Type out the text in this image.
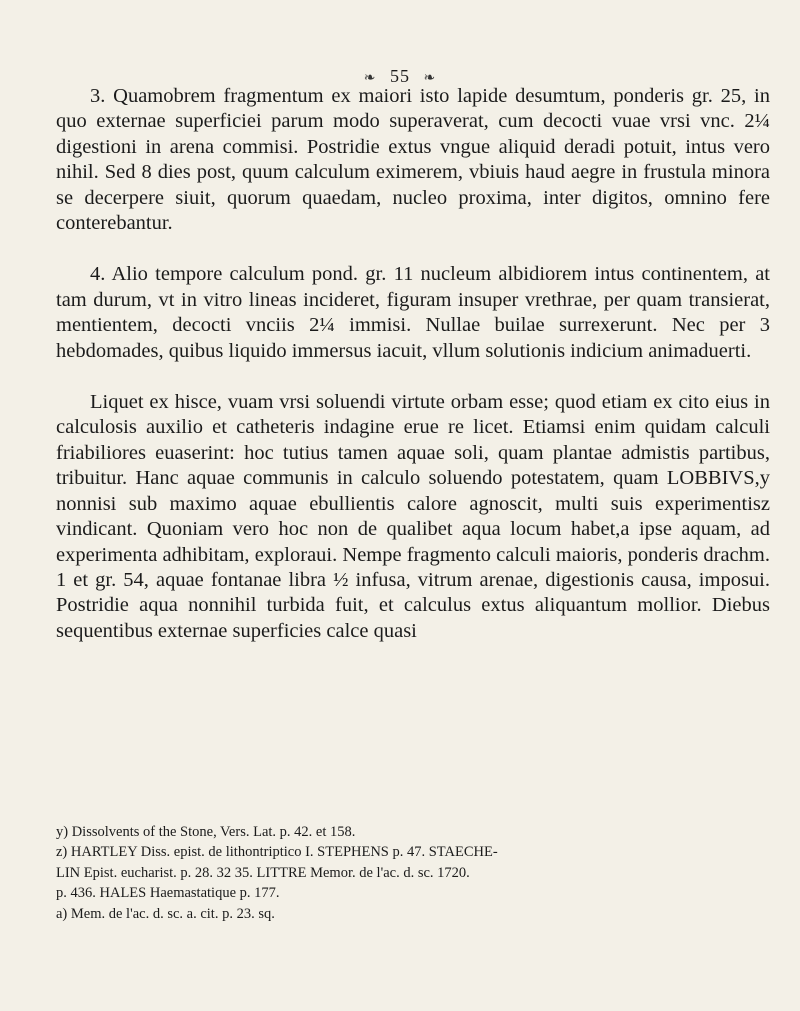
❧ 55 ❧

3. Quamobrem fragmentum ex maiori isto lapide desumtum, ponderis gr. 25, in quo externae superficiei parum modo superaverat, cum decocti vuae vrsi vnc. 2¼ digestioni in arena commisi. Postridie extus vngue aliquid deradi potuit, intus vero nihil. Sed 8 dies post, quum calculum eximerem, vbiuis haud aegre in frustula minora se decerpere siuit, quorum quaedam, nucleo proxima, inter digitos, omnino fere conterebantur.

4. Alio tempore calculum pond. gr. 11 nucleum albidiorem intus continentem, at tam durum, vt in vitro lineas incideret, figuram insuper vrethrae, per quam transierat, mentientem, decocti vnciis 2¼ immisi. Nullae builae surrexerunt. Nec per 3 hebdomades, quibus liquido immersus iacuit, vllum solutionis indicium animaduerti.

Liquet ex hisce, vuam vrsi soluendi virtute orbam esse; quod etiam ex cito eius in calculosis auxilio et catheteris indagine erue re licet. Etiamsi enim quidam calculi friabiliores euaserint: hoc tutius tamen aquae soli, quam plantae admistis partibus, tribuitur. Hanc aquae communis in calculo soluendo potestatem, quam LOBBIVS,y nonnisi sub maximo aquae ebullientis calore agnoscit, multi suis experimentisz vindicant. Quoniam vero hoc non de qualibet aqua locum habet,a ipse aquam, ad experimenta adhibitam, exploraui. Nempe fragmento calculi maioris, ponderis drachm. 1 et gr. 54, aquae fontanae libra ½ infusa, vitrum arenae, digestionis causa, imposui. Postridie aqua nonnihil turbida fuit, et calculus extus aliquantum mollior. Diebus sequentibus externae superficies calce quasi

y) Dissolvents of the Stone, Vers. Lat. p. 42. et 158.
z) HARTLEY Diss. epist. de lithontriptico I. STEPHENS p. 47. STAECHE-
LIN Epist. eucharist. p. 28. 32 35. LITTRE Memor. de l'ac. d. sc. 1720.
p. 436. HALES Haemastatique p. 177.
a) Mem. de l'ac. d. sc. a. cit. p. 23. sq.
